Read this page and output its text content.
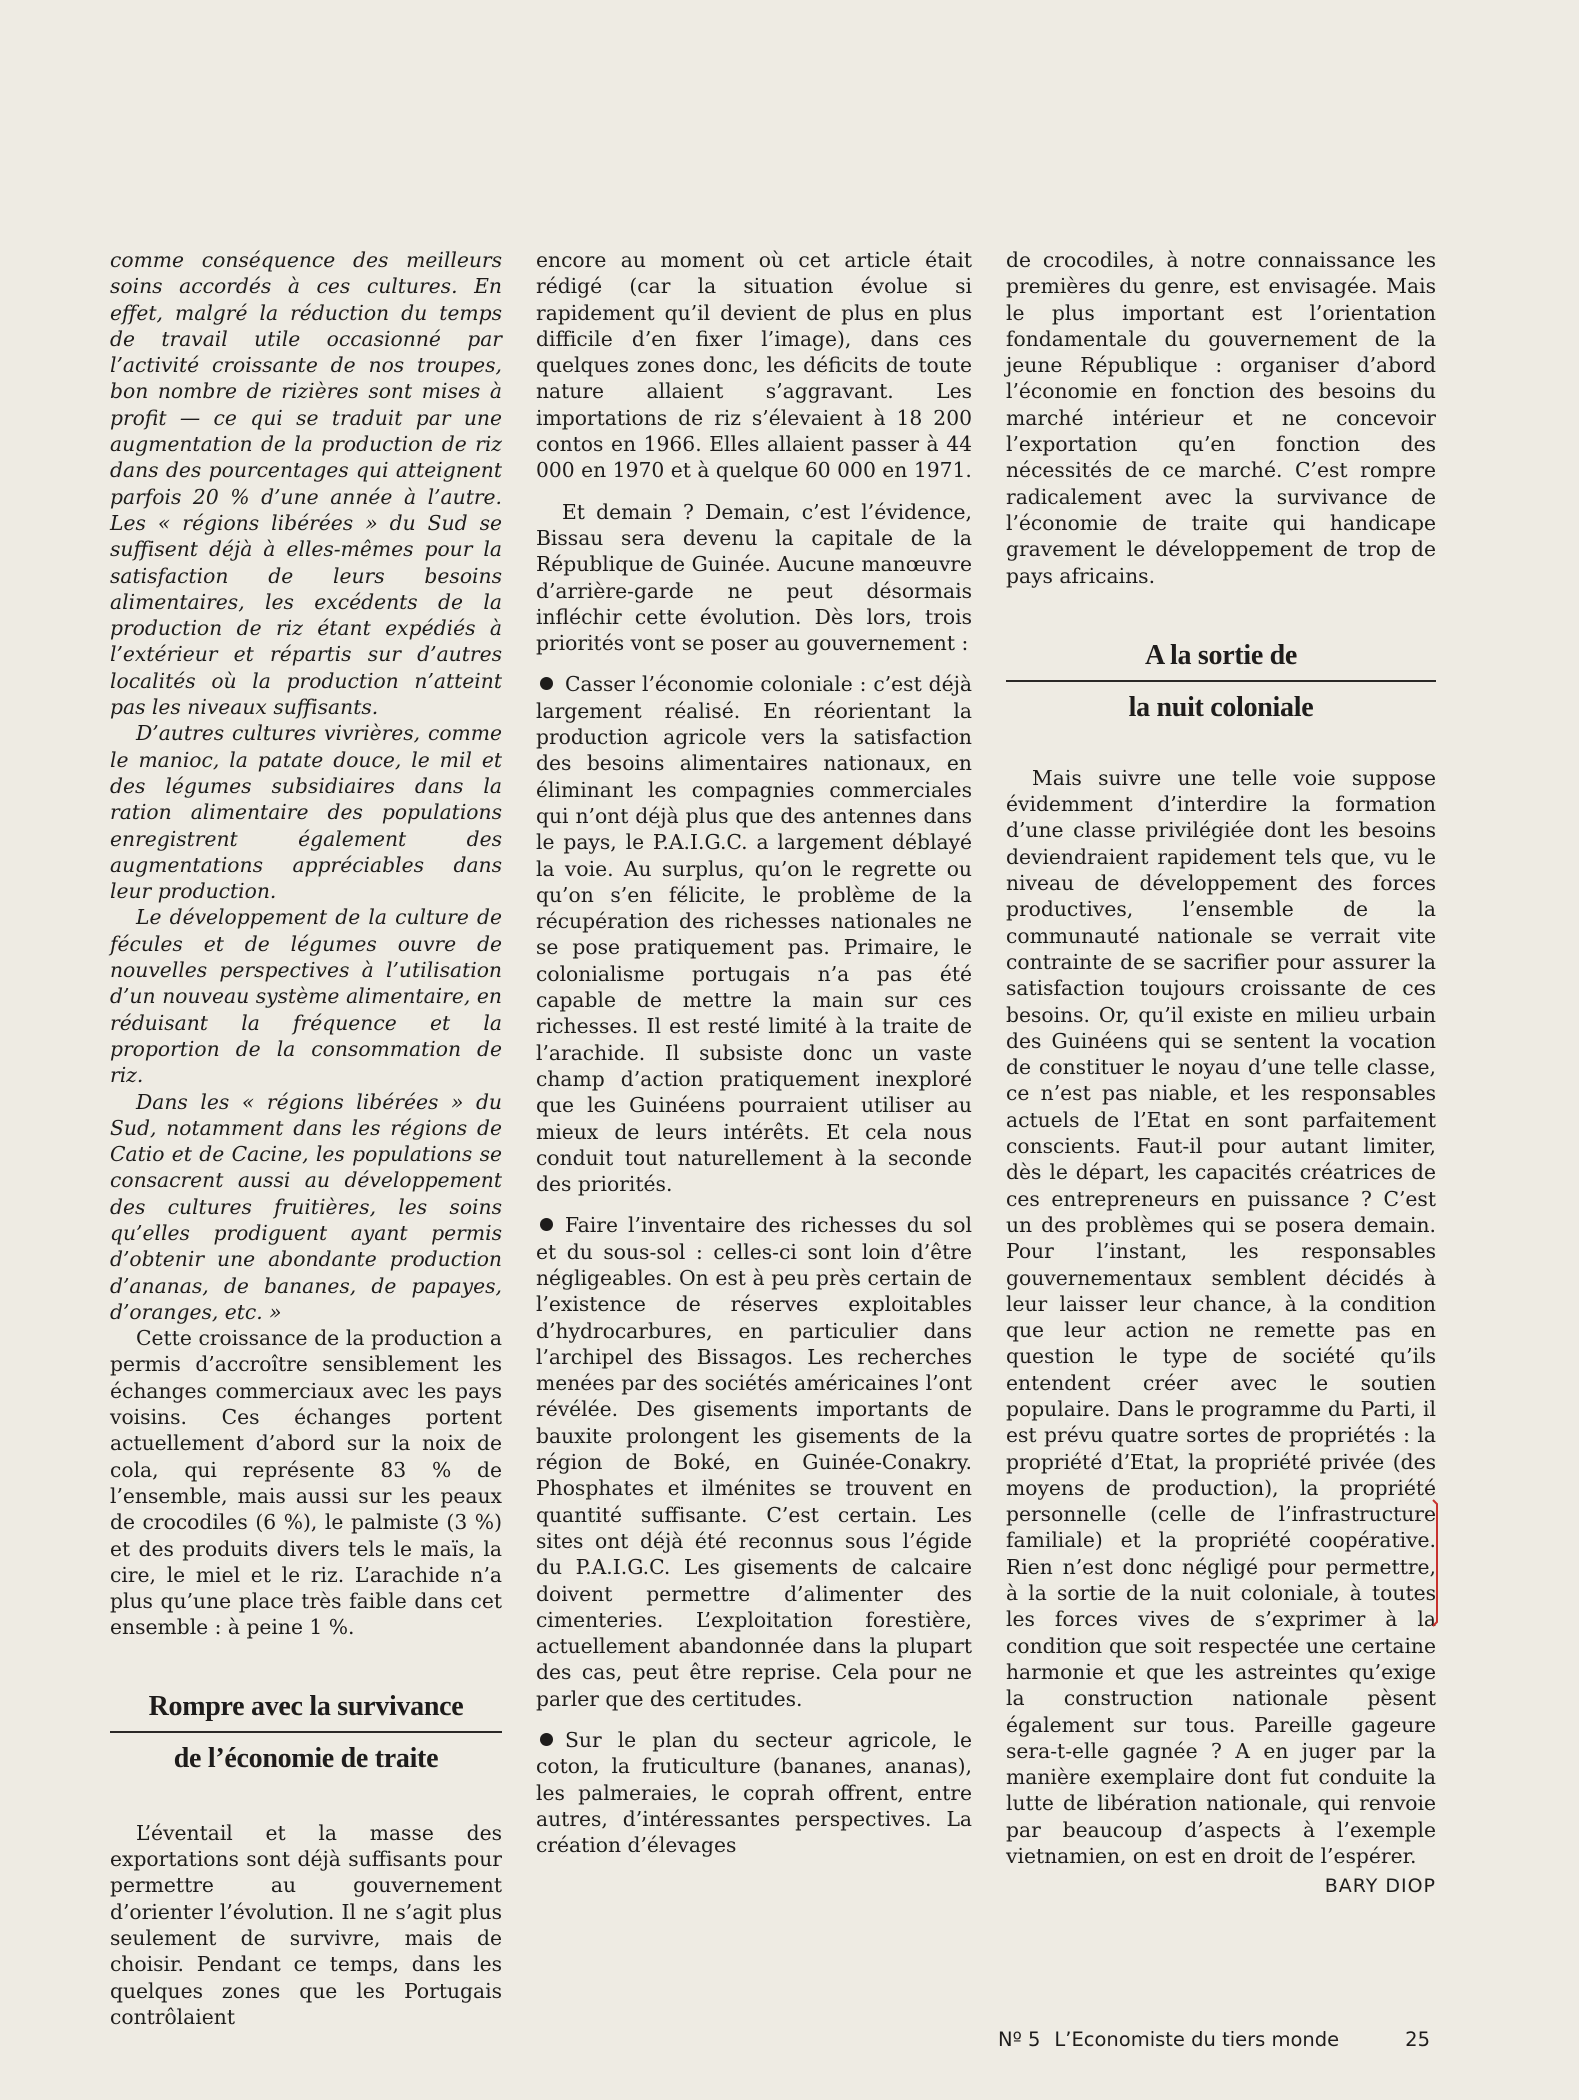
comme conséquence des meilleurs soins accordés à ces cultures. En effet, malgré la réduction du temps de travail utile occasionné par l’activité croissante de nos troupes, bon nombre de rizières sont mises à profit — ce qui se traduit par une augmentation de la production de riz dans des pourcentages qui atteignent parfois 20 % d’une année à l’autre. Les « régions libérées » du Sud se suffisent déjà à elles-mêmes pour la satisfaction de leurs besoins alimentaires, les excédents de la production de riz étant expédiés à l’extérieur et répartis sur d’autres localités où la production n’atteint pas les niveaux suffisants.

D’autres cultures vivrières, comme le manioc, la patate douce, le mil et des légumes subsidiaires dans la ration alimentaire des populations enregistrent également des augmentations appréciables dans leur production.

Le développement de la culture de fécules et de légumes ouvre de nouvelles perspectives à l’utilisation d’un nouveau système alimentaire, en réduisant la fréquence et la proportion de la consommation de riz.

Dans les « régions libérées » du Sud, notamment dans les régions de Catio et de Cacine, les populations se consacrent aussi au développement des cultures fruitières, les soins qu’elles prodiguent ayant permis d’obtenir une abondante production d’ananas, de bananes, de papayes, d’oranges, etc. »

Cette croissance de la production a permis d’accroître sensiblement les échanges commerciaux avec les pays voisins. Ces échanges portent actuellement d’abord sur la noix de cola, qui représente 83 % de l’ensemble, mais aussi sur les peaux de crocodiles (6 %), le palmiste (3 %) et des produits divers tels le maïs, la cire, le miel et le riz. L’arachide n’a plus qu’une place très faible dans cet ensemble : à peine 1 %.

Rompre avec la survivance
de l’économie de traite

L’éventail et la masse des exportations sont déjà suffisants pour permettre au gouvernement d’orienter l’évolution. Il ne s’agit plus seulement de survivre, mais de choisir. Pendant ce temps, dans les quelques zones que les Portugais contrôlaient

encore au moment où cet article était rédigé (car la situation évolue si rapidement qu’il devient de plus en plus difficile d’en fixer l’image), dans ces quelques zones donc, les déficits de toute nature allaient s’aggravant. Les importations de riz s’élevaient à 18 200 contos en 1966. Elles allaient passer à 44 000 en 1970 et à quelque 60 000 en 1971.

Et demain ? Demain, c’est l’évidence, Bissau sera devenu la capitale de la République de Guinée. Aucune manœuvre d’arrière-garde ne peut désormais infléchir cette évolution. Dès lors, trois priorités vont se poser au gouvernement :

Casser l’économie coloniale : c’est déjà largement réalisé. En réorientant la production agricole vers la satisfaction des besoins alimentaires nationaux, en éliminant les compagnies commerciales qui n’ont déjà plus que des antennes dans le pays, le P.A.I.G.C. a largement déblayé la voie. Au surplus, qu’on le regrette ou qu’on s’en félicite, le problème de la récupération des richesses nationales ne se pose pratiquement pas. Primaire, le colonialisme portugais n’a pas été capable de mettre la main sur ces richesses. Il est resté limité à la traite de l’arachide. Il subsiste donc un vaste champ d’action pratiquement inexploré que les Guinéens pourraient utiliser au mieux de leurs intérêts. Et cela nous conduit tout naturellement à la seconde des priorités.

Faire l’inventaire des richesses du sol et du sous-sol : celles-ci sont loin d’être négligeables. On est à peu près certain de l’existence de réserves exploitables d’hydrocarbures, en particulier dans l’archipel des Bissagos. Les recherches menées par des sociétés américaines l’ont révélée. Des gisements importants de bauxite prolongent les gisements de la région de Boké, en Guinée-Conakry. Phosphates et ilménites se trouvent en quantité suffisante. C’est certain. Les sites ont déjà été reconnus sous l’égide du P.A.I.G.C. Les gisements de calcaire doivent permettre d’alimenter des cimenteries. L’exploitation forestière, actuellement abandonnée dans la plupart des cas, peut être reprise. Cela pour ne parler que des certitudes.

Sur le plan du secteur agricole, le coton, la fruticulture (bananes, ananas), les palmeraies, le coprah offrent, entre autres, d’intéressantes perspectives. La création d’élevages

de crocodiles, à notre connaissance les premières du genre, est envisagée. Mais le plus important est l’orientation fondamentale du gouvernement de la jeune République : organiser d’abord l’économie en fonction des besoins du marché intérieur et ne concevoir l’exportation qu’en fonction des nécessités de ce marché. C’est rompre radicalement avec la survivance de l’économie de traite qui handicape gravement le développement de trop de pays africains.

A la sortie de
la nuit coloniale

Mais suivre une telle voie suppose évidemment d’interdire la formation d’une classe privilégiée dont les besoins deviendraient rapidement tels que, vu le niveau de développement des forces productives, l’ensemble de la communauté nationale se verrait vite contrainte de se sacrifier pour assurer la satisfaction toujours croissante de ces besoins. Or, qu’il existe en milieu urbain des Guinéens qui se sentent la vocation de constituer le noyau d’une telle classe, ce n’est pas niable, et les responsables actuels de l’Etat en sont parfaitement conscients. Faut-il pour autant limiter, dès le départ, les capacités créatrices de ces entrepreneurs en puissance ? C’est un des problèmes qui se posera demain. Pour l’instant, les responsables gouvernementaux semblent décidés à leur laisser leur chance, à la condition que leur action ne remette pas en question le type de société qu’ils entendent créer avec le soutien populaire. Dans le programme du Parti, il est prévu quatre sortes de propriétés : la propriété d’Etat, la propriété privée (des moyens de production), la propriété personnelle (celle de l’infrastructure familiale) et la propriété coopérative. Rien n’est donc négligé pour permettre, à la sortie de la nuit coloniale, à toutes les forces vives de s’exprimer à la condition que soit respectée une certaine harmonie et que les astreintes qu’exige la construction nationale pèsent également sur tous. Pareille gageure sera-t-elle gagnée ? A en juger par la manière exemplaire dont fut conduite la lutte de libération nationale, qui renvoie par beaucoup d’aspects à l’exemple vietnamien, on est en droit de l’espérer.

BARY DIOP
Nº 5 L’Economiste du tiers monde	25
